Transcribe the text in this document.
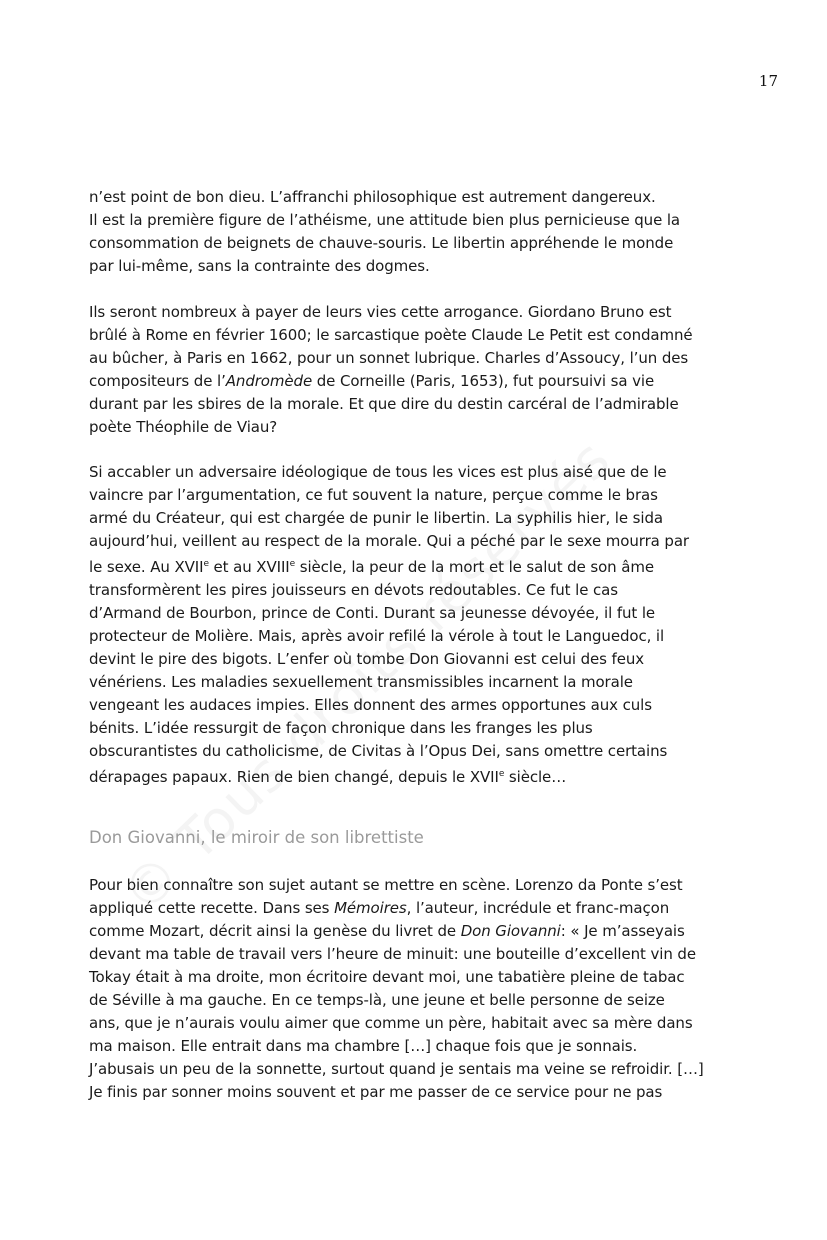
17
n’est point de bon dieu. L’affranchi philosophique est autrement dangereux.
Il est la première figure de l’athéisme, une attitude bien plus pernicieuse que la
consommation de beignets de chauve-souris. Le libertin appréhende le monde
par lui-même, sans la contrainte des dogmes.
Ils seront nombreux à payer de leurs vies cette arrogance. Giordano Bruno est
brûlé à Rome en février 1600; le sarcastique poète Claude Le Petit est condamné
au bûcher, à Paris en 1662, pour un sonnet lubrique. Charles d’Assoucy, l’un des
compositeurs de l’Andromède de Corneille (Paris, 1653), fut poursuivi sa vie
durant par les sbires de la morale. Et que dire du destin carcéral de l’admirable
poète Théophile de Viau?
Si accabler un adversaire idéologique de tous les vices est plus aisé que de le
vaincre par l’argumentation, ce fut souvent la nature, perçue comme le bras
armé du Créateur, qui est chargée de punir le libertin. La syphilis hier, le sida
aujourd’hui, veillent au respect de la morale. Qui a péché par le sexe mourra par
le sexe. Au XVIIe et au XVIIIe siècle, la peur de la mort et le salut de son âme
transformèrent les pires jouisseurs en dévots redoutables. Ce fut le cas
d’Armand de Bourbon, prince de Conti. Durant sa jeunesse dévoyée, il fut le
protecteur de Molière. Mais, après avoir refilé la vérole à tout le Languedoc, il
devint le pire des bigots. L’enfer où tombe Don Giovanni est celui des feux
vénériens. Les maladies sexuellement transmissibles incarnent la morale
vengeant les audaces impies. Elles donnent des armes opportunes aux culs
bénits. L’idée ressurgit de façon chronique dans les franges les plus
obscurantistes du catholicisme, de Civitas à l’Opus Dei, sans omettre certains
dérapages papaux. Rien de bien changé, depuis le XVIIe siècle…
Don Giovanni, le miroir de son librettiste
Pour bien connaître son sujet autant se mettre en scène. Lorenzo da Ponte s’est
appliqué cette recette. Dans ses Mémoires, l’auteur, incrédule et franc-maçon
comme Mozart, décrit ainsi la genèse du livret de Don Giovanni: « Je m’asseyais
devant ma table de travail vers l’heure de minuit: une bouteille d’excellent vin de
Tokay était à ma droite, mon écritoire devant moi, une tabatière pleine de tabac
de Séville à ma gauche. En ce temps-là, une jeune et belle personne de seize
ans, que je n’aurais voulu aimer que comme un père, habitait avec sa mère dans
ma maison. Elle entrait dans ma chambre […] chaque fois que je sonnais.
J’abusais un peu de la sonnette, surtout quand je sentais ma veine se refroidir. […]
Je finis par sonner moins souvent et par me passer de ce service pour ne pas
